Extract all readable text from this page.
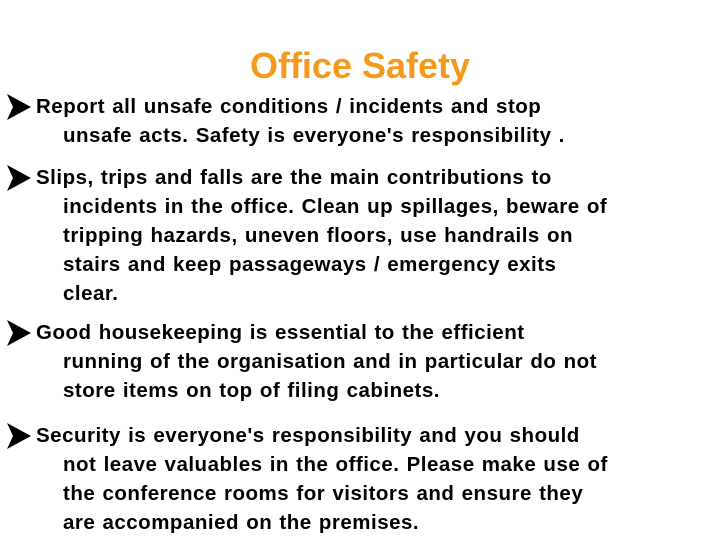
Office Safety
Report all unsafe conditions / incidents and stop
unsafe acts. Safety is everyone's responsibility .
Slips, trips and falls are the main contributions to
incidents in the office. Clean up spillages, beware of
tripping hazards, uneven floors, use handrails on
stairs and keep passageways / emergency exits
clear.
Good housekeeping is essential to the efficient
running of the organisation and in particular do not
store items on top of filing cabinets.
Security is everyone's responsibility and you should
not leave valuables in the office. Please make use of
the conference rooms for visitors and ensure they
are accompanied on the premises.
